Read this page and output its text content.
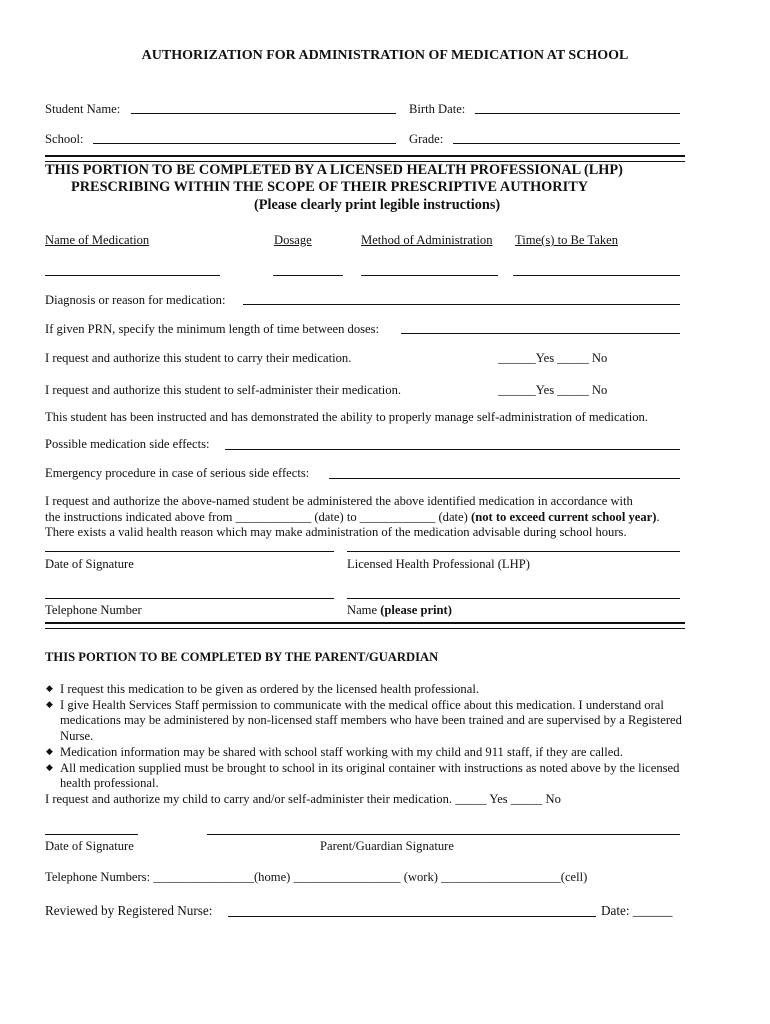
AUTHORIZATION FOR ADMINISTRATION OF MEDICATION AT SCHOOL
Student Name:	Birth Date:
School:	Grade:
THIS PORTION TO BE COMPLETED BY A LICENSED HEALTH PROFESSIONAL (LHP)
PRESCRIBING WITHIN THE SCOPE OF THEIR PRESCRIPTIVE AUTHORITY
(Please clearly print legible instructions)
Name of Medication	Dosage	Method of Administration Time(s) to Be Taken
Diagnosis or reason for medication:
If given PRN, specify the minimum length of time between doses:
I request and authorize this student to carry their medication.	______Yes _____ No
I request and authorize this student to self-administer their medication.	______Yes _____ No
This student has been instructed and has demonstrated the ability to properly manage self-administration of medication.
Possible medication side effects:
Emergency procedure in case of serious side effects:
I request and authorize the above-named student be administered the above identified medication in accordance with
the instructions indicated above from ____________ (date) to ____________ (date) (not to exceed current school year).
There exists a valid health reason which may make administration of the medication advisable during school hours.
Date of Signature	Licensed Health Professional (LHP)
Telephone Number	Name (please print)
THIS PORTION TO BE COMPLETED BY THE PARENT/GUARDIAN
◆ I request this medication to be given as ordered by the licensed health professional.
◆ I give Health Services Staff permission to communicate with the medical office about this medication. I understand oral
medications may be administered by non-licensed staff members who have been trained and are supervised by a Registered
Nurse.
◆ Medication information may be shared with school staff working with my child and 911 staff, if they are called.
◆ All medication supplied must be brought to school in its original container with instructions as noted above by the licensed
health professional.
I request and authorize my child to carry and/or self-administer their medication. _____ Yes _____ No
Date of Signature	Parent/Guardian Signature
Telephone Numbers: ________________(home) _________________ (work) ___________________(cell)
Reviewed by Registered Nurse:	Date: ______
